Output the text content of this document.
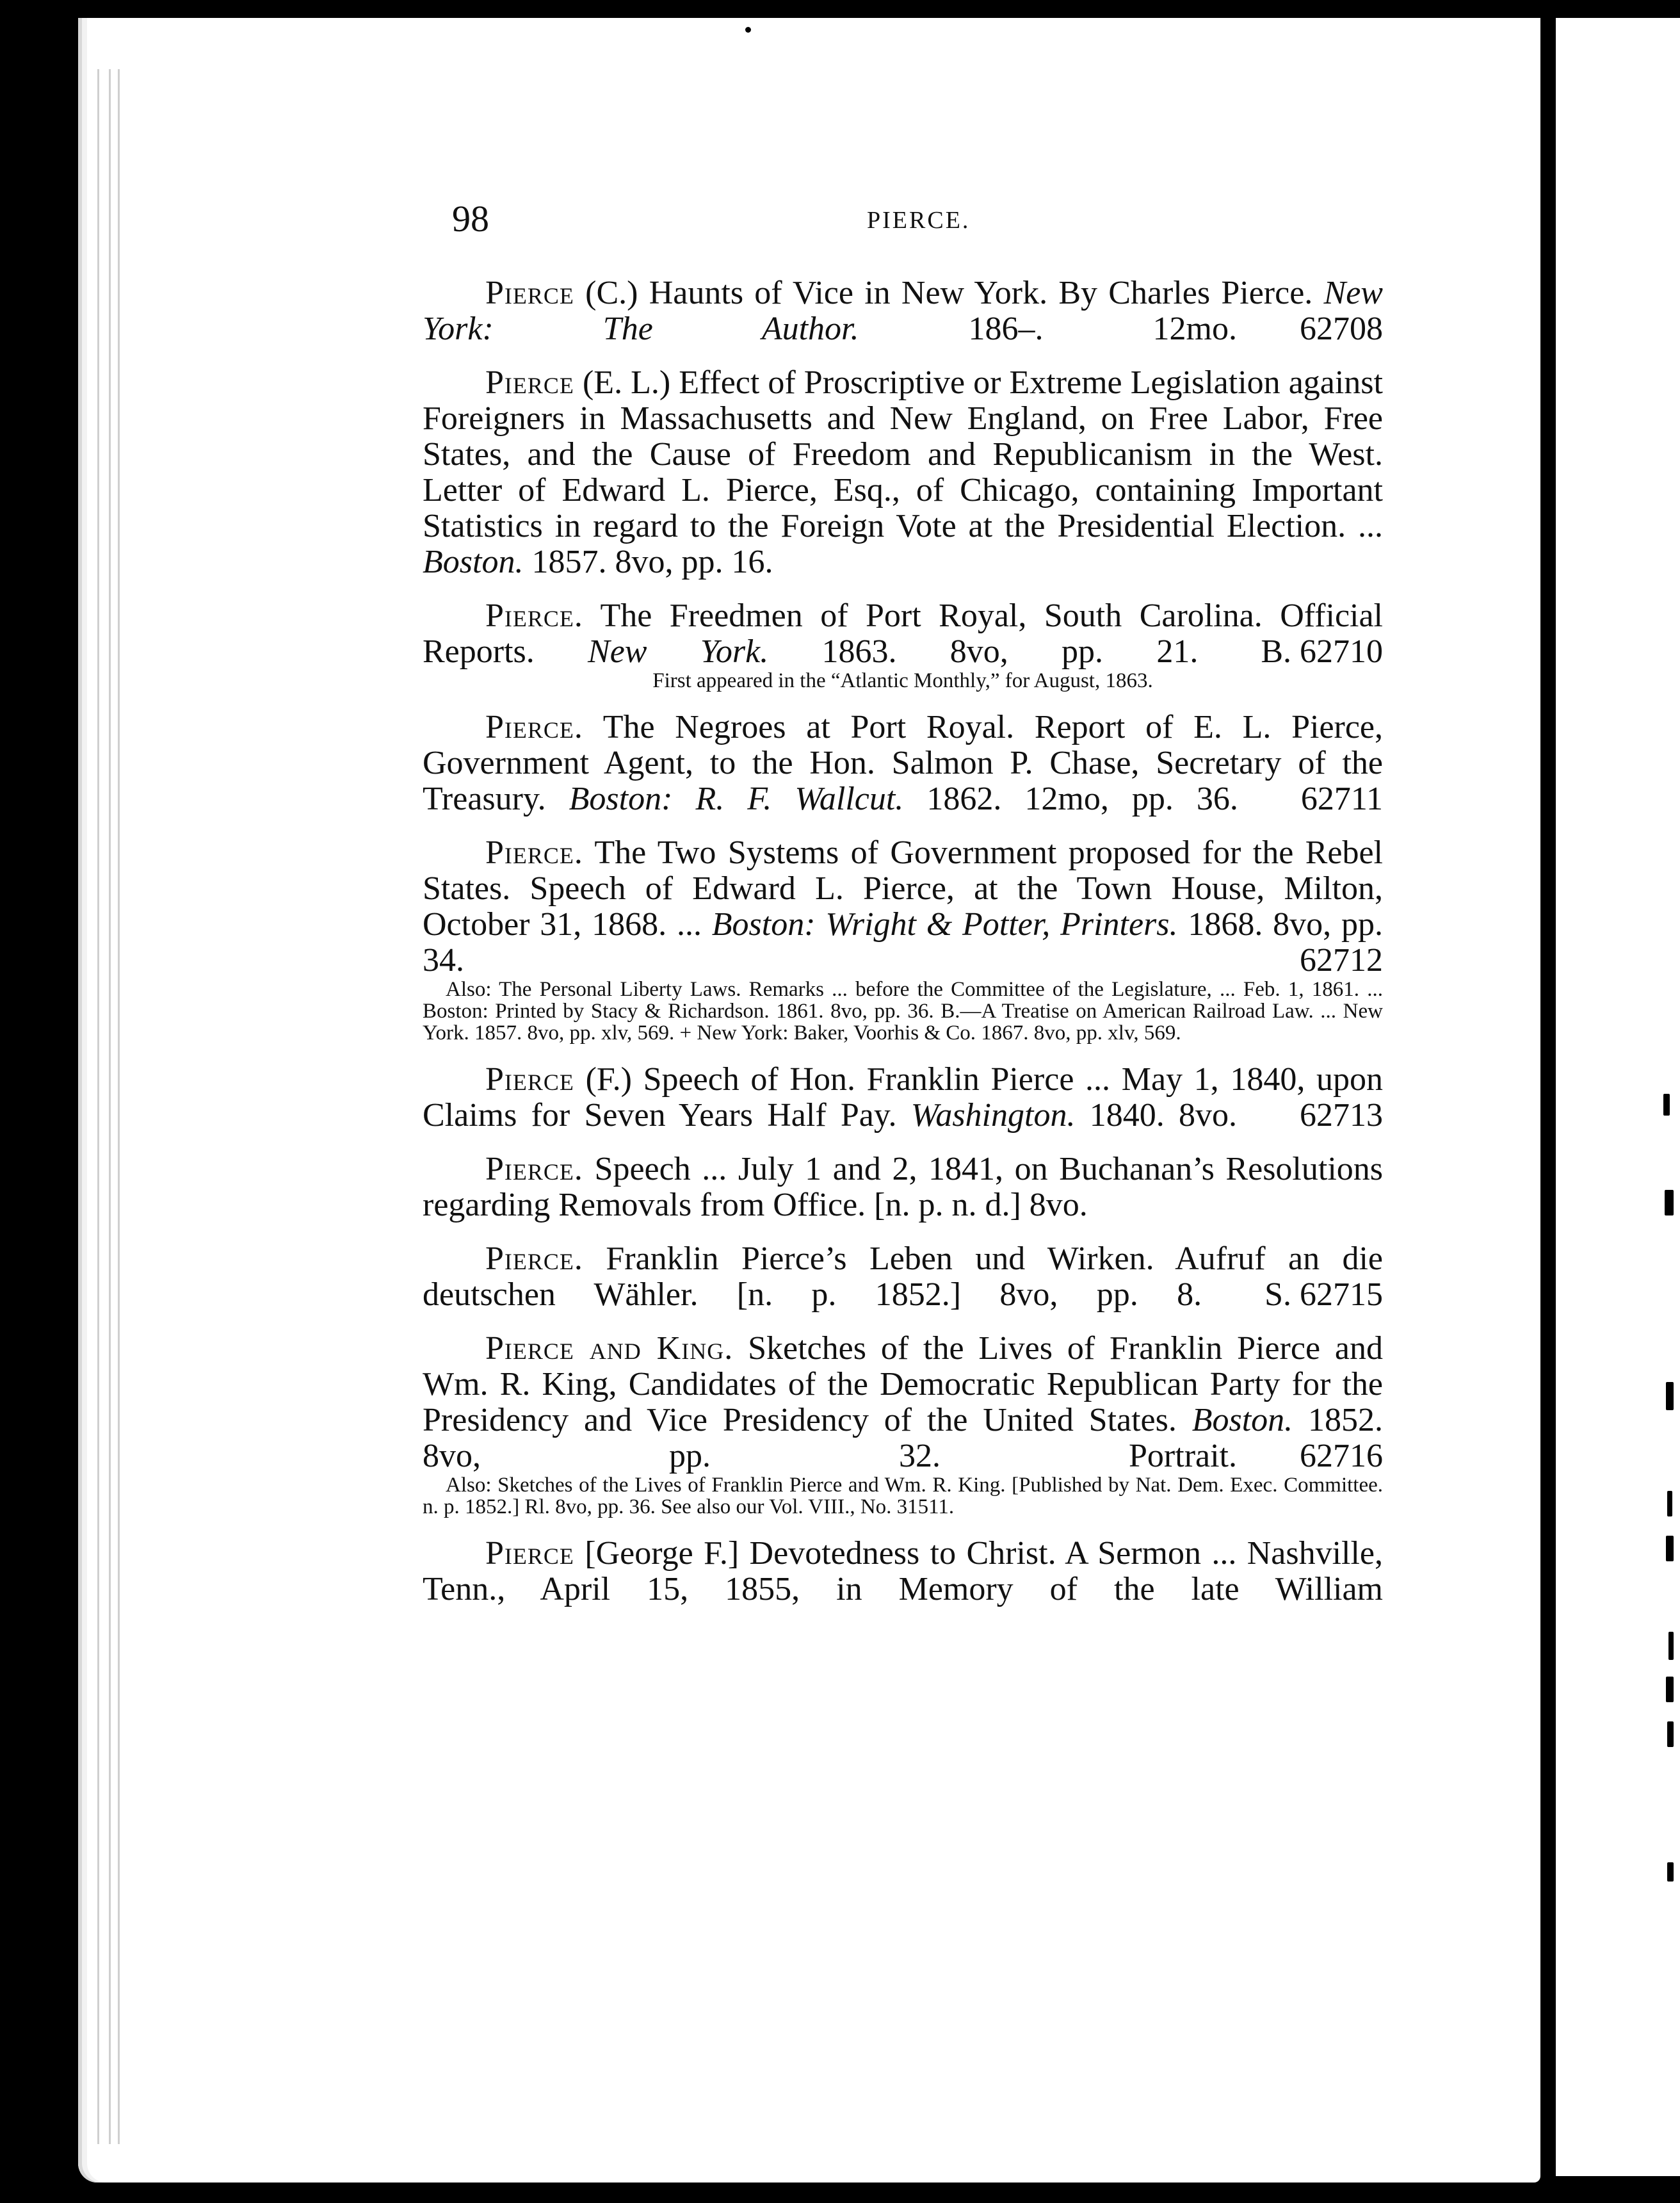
98	PIERCE.

Pierce (C.) Haunts of Vice in New York. By Charles Pierce. New York: The Author.	186–. 12mo.	62708

Pierce (E. L.) Effect of Proscriptive or Extreme Legislation against Foreigners in Massachusetts and New England, on Free Labor, Free States, and the Cause of Freedom and Republicanism in the West. Letter of Edward L. Pierce, Esq., of Chicago, containing Important Statistics in regard to the Foreign Vote at the Presidential Election. ... Boston. 1857. 8vo, pp. 16.

Pierce. The Freedmen of Port Royal, South Carolina. Official Reports. New York. 1863. 8vo, pp. 21.	B. 62710

First appeared in the “Atlantic Monthly,” for August, 1863.

Pierce. The Negroes at Port Royal. Report of E. L. Pierce, Government Agent, to the Hon. Salmon P. Chase, Secretary of the Treasury. Boston: R. F. Wallcut. 1862. 12mo, pp. 36.	62711

Pierce. The Two Systems of Government proposed for the Rebel States. Speech of Edward L. Pierce, at the Town House, Milton, October 31, 1868. ... Boston: Wright & Potter, Printers. 1868. 8vo, pp. 34.	62712

Also: The Personal Liberty Laws. Remarks ... before the Committee of the Legislature, ... Feb. 1, 1861. ... Boston: Printed by Stacy & Richardson. 1861. 8vo, pp. 36. B.—A Treatise on American Railroad Law. ... New York. 1857. 8vo, pp. xlv, 569. + New York: Baker, Voorhis & Co. 1867. 8vo, pp. xlv, 569.

Pierce (F.) Speech of Hon. Franklin Pierce ... May 1, 1840, upon Claims for Seven Years Half Pay. Washington. 1840. 8vo.	62713

Pierce. Speech ... July 1 and 2, 1841, on Buchanan’s Resolutions regarding Removals from Office. [n. p. n. d.] 8vo.

Pierce. Franklin Pierce’s Leben und Wirken. Aufruf an die deutschen Wähler. [n. p. 1852.] 8vo, pp. 8.	S. 62715

Pierce and King. Sketches of the Lives of Franklin Pierce and Wm. R. King, Candidates of the Democratic Republican Party for the Presidency and Vice Presidency of the United States. Boston. 1852. 8vo, pp. 32. Portrait.	62716

Also: Sketches of the Lives of Franklin Pierce and Wm. R. King. [Published by Nat. Dem. Exec. Committee. n. p. 1852.] Rl. 8vo, pp. 36. See also our Vol. VIII., No. 31511.

Pierce [George F.] Devotedness to Christ. A Sermon ... Nashville, Tenn., April 15, 1855, in Memory of the late William
